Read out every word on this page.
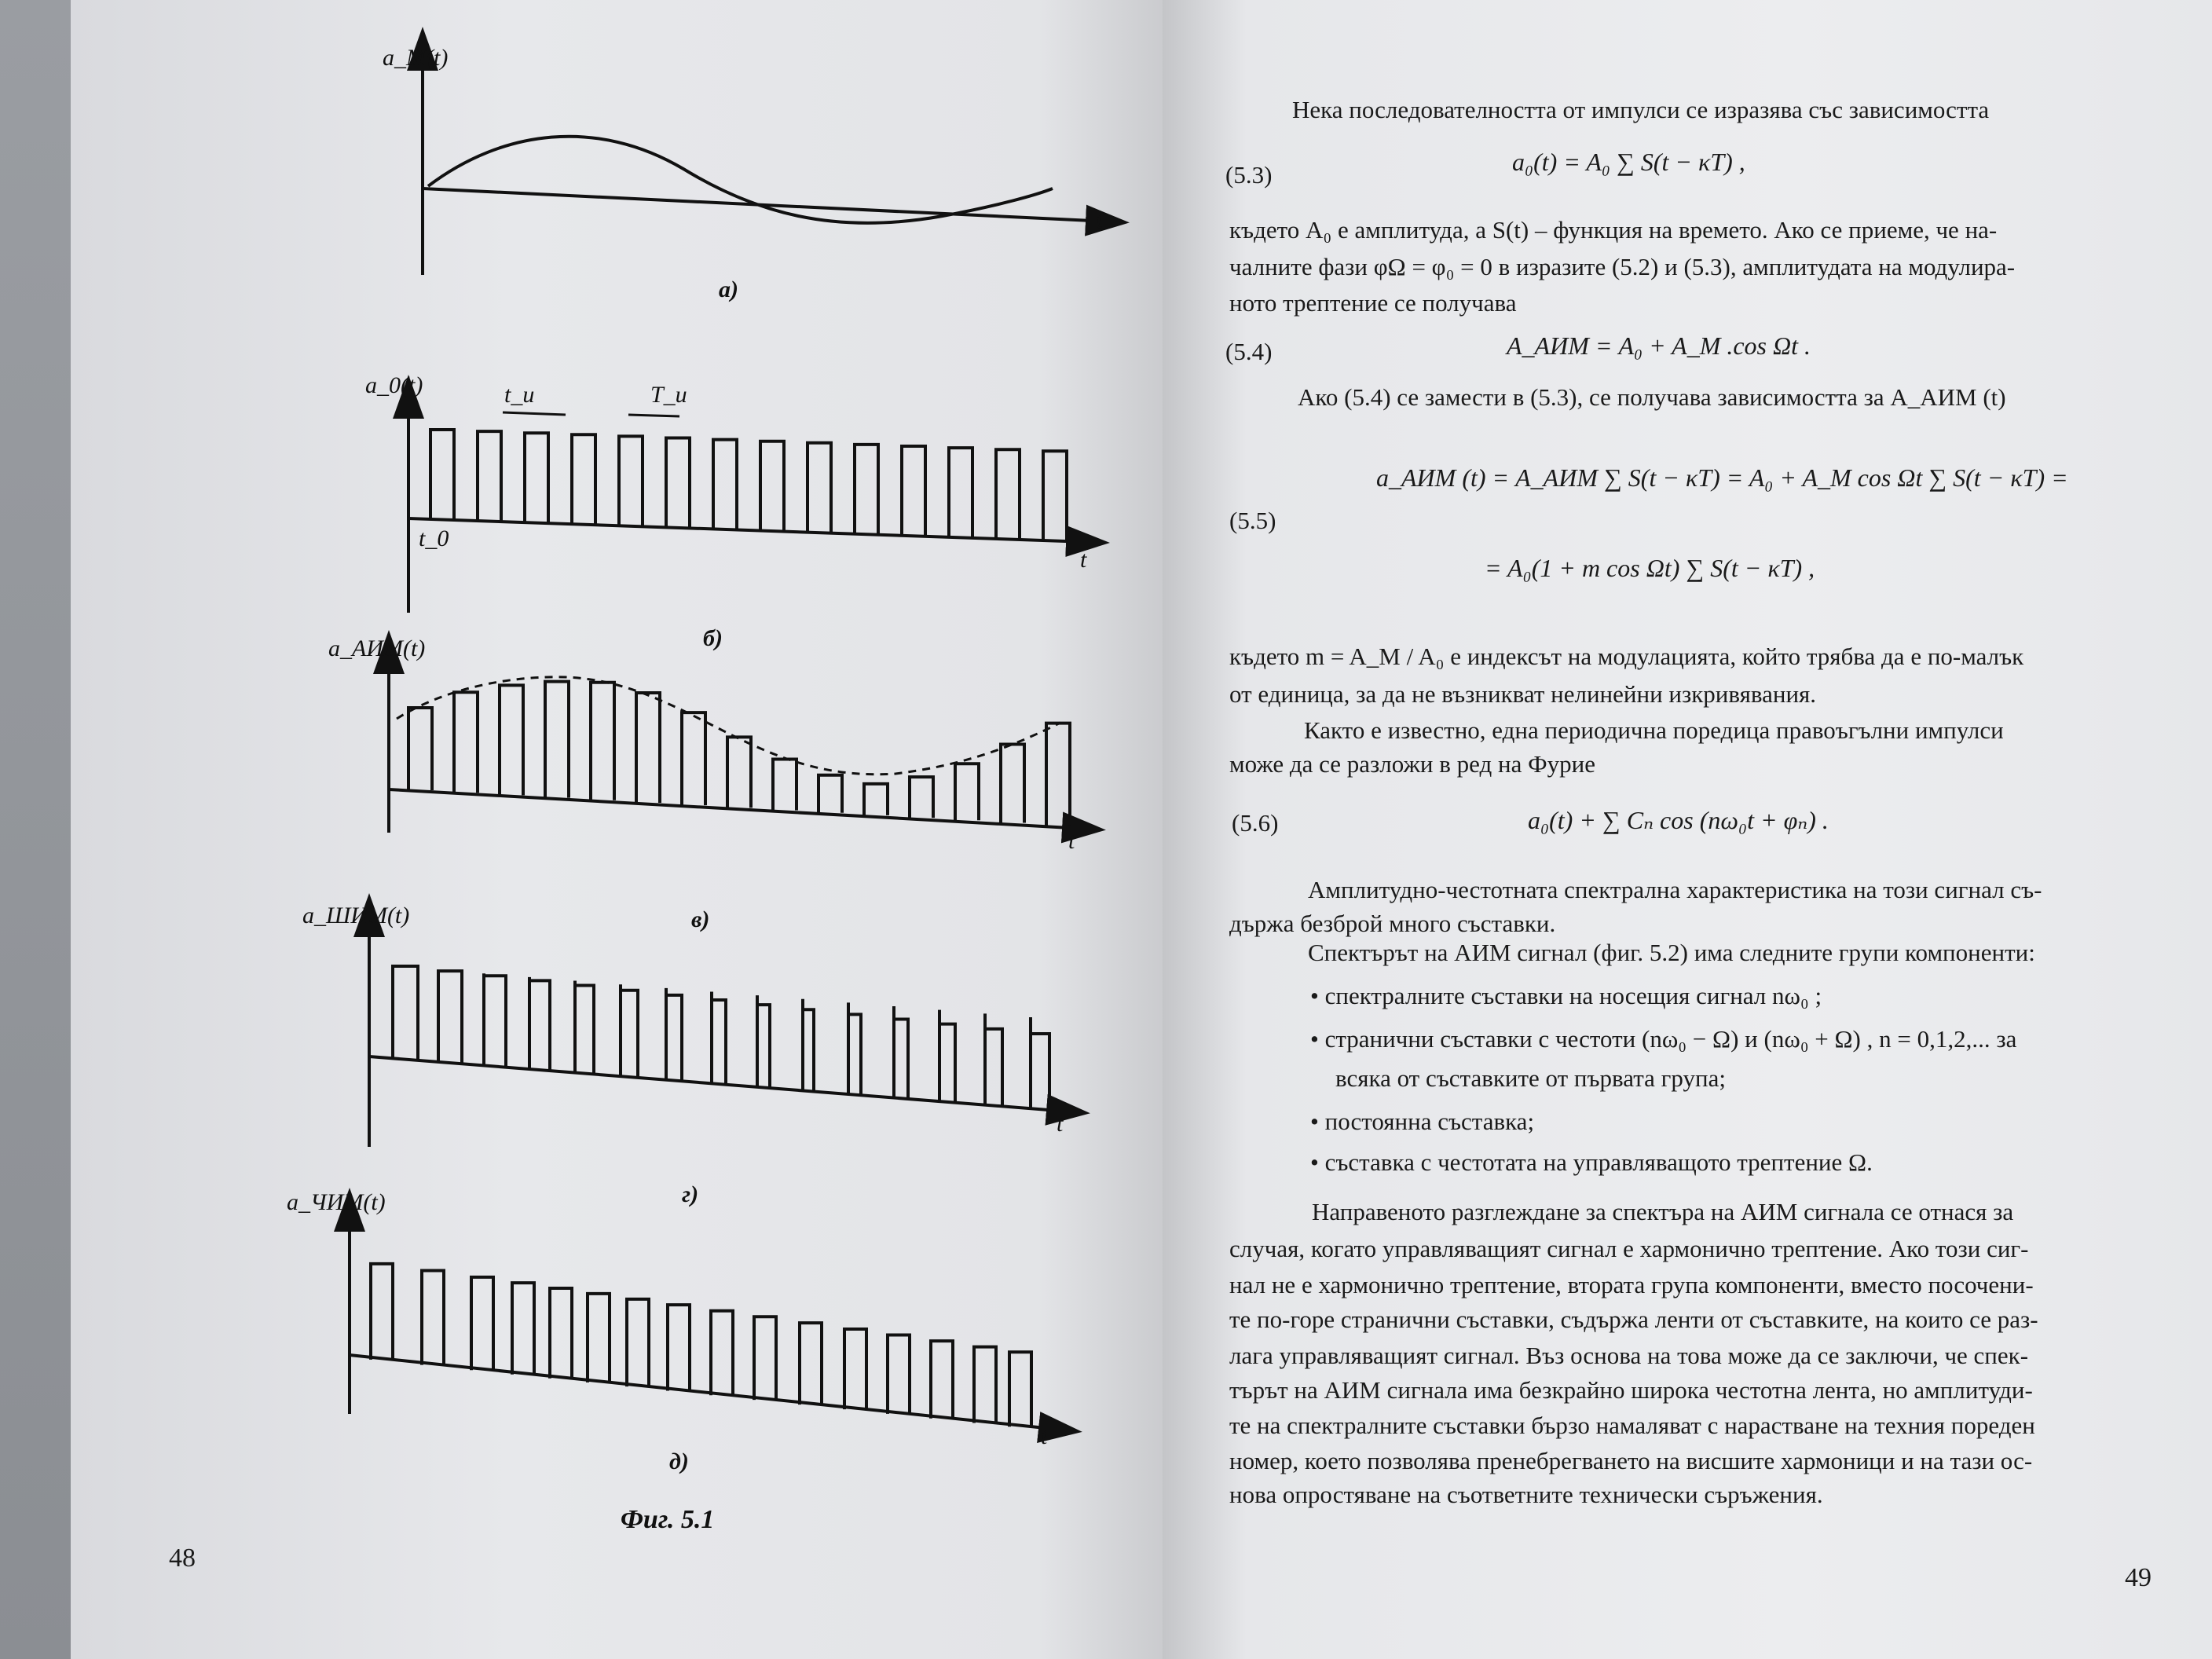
a_M(t)
t
а)
a_0(t)
t
t_0
t_и	T_и
б)
a_АИМ(t)
t
в)
a_ШИМ(t)
t
г)
a_ЧИМ(t)
t
д)
Фиг. 5.1
48
49
Нека последователността от импулси се изразява със зависимостта
(5.3)	a₀(t) = A₀ ∑ S(t − κT) ,
където A₀ е амплитуда, а S(t) – функция на времето. Ако се приеме, че на-
чалните фази φΩ = φ₀ = 0 в изразите (5.2) и (5.3), амплитудата на модулира-
ното трептение се получава
(5.4)	A_АИМ = A₀ + A_M .cos Ωt .
Ако (5.4) се замести в (5.3), се получава зависимостта за A_АИМ (t)
(5.5)
a_АИМ (t) = A_АИМ ∑ S(t − κT) = A₀ + A_M cos Ωt ∑ S(t − κT) =
= A₀(1 + m cos Ωt) ∑ S(t − κT) ,
където m = A_M / A₀ е индексът на модулацията, който трябва да е по-малък
от единица, за да не възникват нелинейни изкривявания.
Както е известно, една периодична поредица правоъгълни импулси
може да се разложи в ред на Фурие
(5.6)	a₀(t) + ∑ Cₙ cos (nω₀t + φₙ) .
Амплитудно-честотната спектрална характеристика на този сигнал съ-
държа безброй много съставки.
Спектърът на АИМ сигнал (фиг. 5.2) има следните групи компоненти:
• спектралните съставки на носещия сигнал nω₀ ;
• странични съставки с честоти (nω₀ − Ω) и (nω₀ + Ω) , n = 0,1,2,... за
всяка от съставките от първата група;
• постоянна съставка;
• съставка с честотата на управляващото трептение Ω.
Направеното разглеждане за спектъра на АИМ сигнала се отнася за
случая, когато управляващият сигнал е хармонично трептение. Ако този сиг-
нал не е хармонично трептение, втората група компоненти, вместо посочени-
те по-горе странични съставки, съдържа ленти от съставките, на които се раз-
лага управляващият сигнал. Въз основа на това може да се заключи, че спек-
търът на АИМ сигнала има безкрайно широка честотна лента, но амплитуди-
те на спектралните съставки бързо намаляват с нарастване на техния пореден
номер, което позволява пренебрегването на висшите хармоници и на тази ос-
нова опростяване на съответните технически съръжения.
